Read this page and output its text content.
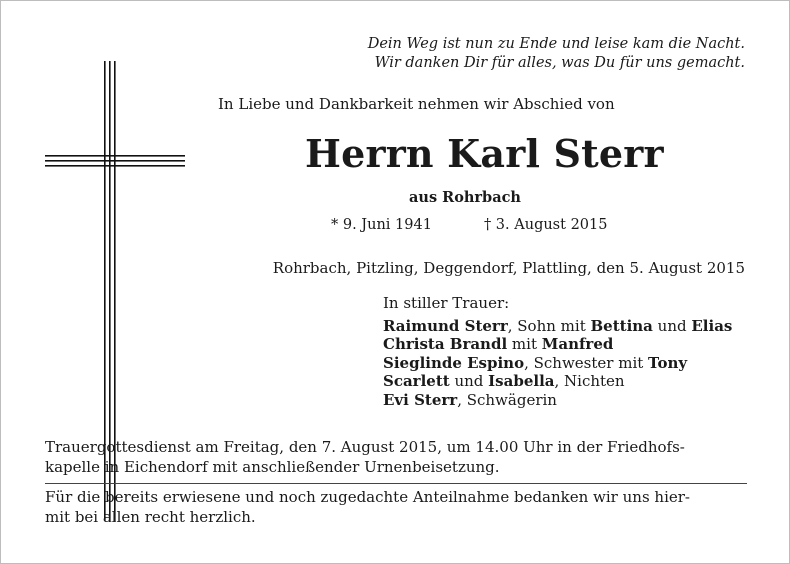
Dein Weg ist nun zu Ende und leise kam die Nacht.
Wir danken Dir für alles, was Du für uns gemacht.
In Liebe und Dankbarkeit nehmen wir Abschied von
Herrn Karl Sterr
aus Rohrbach
* 9. Juni 1941	† 3. August 2015
Rohrbach, Pitzling, Deggendorf, Plattling, den 5. August 2015
In stiller Trauer:
Raimund Sterr, Sohn mit Bettina und Elias
Christa Brandl mit Manfred
Sieglinde Espino, Schwester mit Tony
Scarlett und Isabella, Nichten
Evi Sterr, Schwägerin
Trauergottesdienst am Freitag, den 7. August 2015, um 14.00 Uhr in der Friedhofs-
kapelle in Eichendorf mit anschließender Urnenbeisetzung.
Für die bereits erwiesene und noch zugedachte Anteilnahme bedanken wir uns hier-
mit bei allen recht herzlich.
